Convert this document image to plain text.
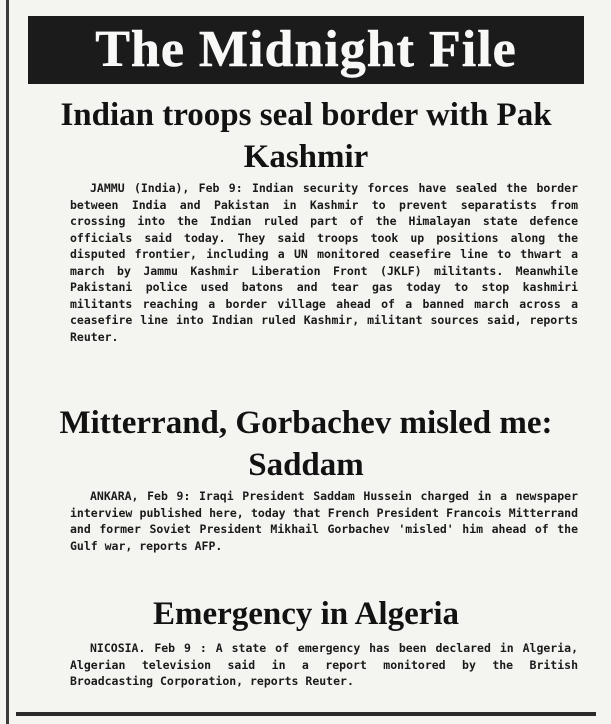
The Midnight File
Indian troops seal border with Pak Kashmir

JAMMU (India), Feb 9: Indian security forces have sealed the border between India and Pakistan in Kashmir to prevent separatists from crossing into the Indian ruled part of the Himalayan state defence officials said today. They said troops took up positions along the disputed frontier, including a UN monitored ceasefire line to thwart a march by Jammu Kashmir Liberation Front (JKLF) militants. Meanwhile Pakistani police used batons and tear gas today to stop kashmiri militants reaching a border village ahead of a banned march across a ceasefire line into Indian ruled Kashmir, militant sources said, reports Reuter.

Mitterrand, Gorbachev misled me: Saddam

ANKARA, Feb 9: Iraqi President Saddam Hussein charged in a newspaper interview published here, today that French President Francois Mitterrand and former Soviet President Mikhail Gorbachev 'misled' him ahead of the Gulf war, reports AFP.

Emergency in Algeria

NICOSIA. Feb 9 : A state of emergency has been declared in Algeria, Algerian television said in a report monitored by the British Broadcasting Corporation, reports Reuter.
